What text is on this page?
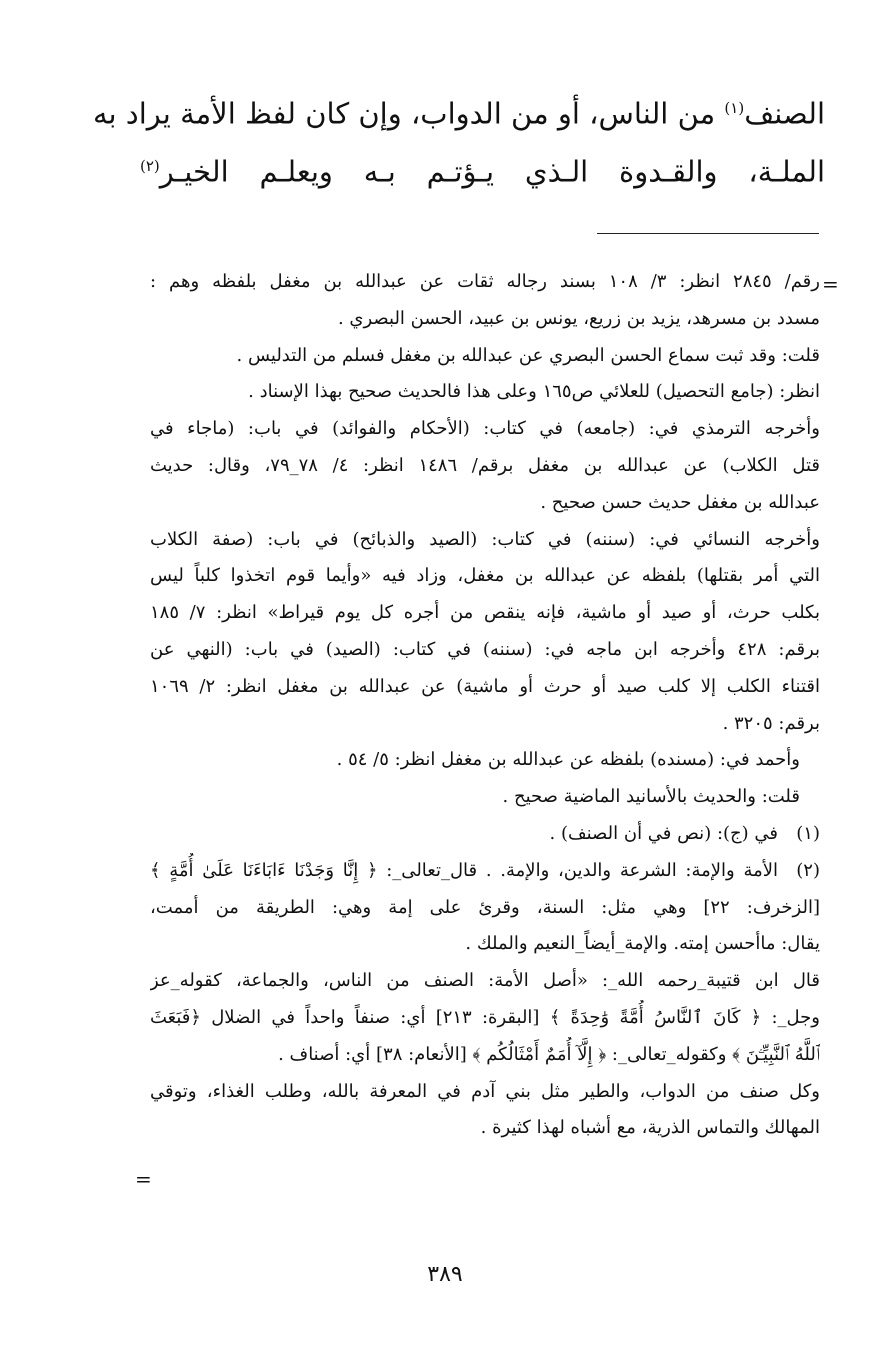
الصنف$^{(١)}$ من الناس، أو من الدواب، وإن كان لفظ الأمة يراد به
الملـة، والقـدوة الـذي يـؤتـم بـه ويعلـم الخيـر$^{(٢)}$
=
رقم/ ٢٨٤٥ انظر: ٣/ ١٠٨ بسند رجاله ثقات عن عبدالله بن مغفل بلفظه وهم :
مسدد بن مسرهد، يزيد بن زريع، يونس بن عبيد، الحسن البصري .
قلت: وقد ثبت سماع الحسن البصري عن عبدالله بن مغفل فسلم من التدليس .
انظر: (جامع التحصيل) للعلائي ص١٦٥ وعلى هذا فالحديث صحيح بهذا الإسناد .
وأخرجه الترمذي في: (جامعه) في كتاب: (الأحكام والفوائد) في باب: (ماجاء في
قتل الكلاب) عن عبدالله بن مغفل برقم/ ١٤٨٦ انظر: ٤/ ٧٨_٧٩، وقال: حديث
عبدالله بن مغفل حديث حسن صحيح .
وأخرجه النسائي في: (سننه) في كتاب: (الصيد والذبائح) في باب: (صفة الكلاب
التي أمر بقتلها) بلفظه عن عبدالله بن مغفل، وزاد فيه «وأيما قوم اتخذوا كلباً ليس
بكلب حرث، أو صيد أو ماشية، فإنه ينقص من أجره كل يوم قيراط» انظر: ٧/ ١٨٥
برقم: ٤٢٨ وأخرجه ابن ماجه في: (سننه) في كتاب: (الصيد) في باب: (النهي عن
اقتناء الكلب إلا كلب صيد أو حرث أو ماشية) عن عبدالله بن مغفل انظر: ٢/ ١٠٦٩
برقم: ٣٢٠٥ .
وأحمد في: (مسنده) بلفظه عن عبدالله بن مغفل انظر: ٥/ ٥٤ .
قلت: والحديث بالأسانيد الماضية صحيح .
(١)
في (ج): (نص في أن الصنف) .
(٢)
الأمة والإمة: الشرعة والدين، والإمة. . قال_تعالى_: ﴿ إِنَّا وَجَدْنَا ءَابَاءَنَا عَلَىٰ أُمَّةٍ ﴾
[الزخرف: ٢٢] وهي مثل: السنة، وقرئ على إمة وهي: الطريقة من أممت،
يقال: ماأحسن إمته. والإمة_أيضاً_النعيم والملك .
قال ابن قتيبة_رحمه الله_: «أصل الأمة: الصنف من الناس، والجماعة، كقوله_عز
وجل_: ﴿ كَانَ ٱلنَّاسُ أُمَّةً وَٰحِدَةً ﴾ [البقرة: ٢١٣] أي: صنفاً واحداً في الضلال ﴿فَبَعَثَ
ٱللَّهُ ٱلنَّبِيِّـۧنَ ﴾ وكقوله_تعالى_: ﴿ إِلَّآ أُمَمٌ أَمْثَالُكُم ﴾ [الأنعام: ٣٨] أي: أصناف .
وكل صنف من الدواب، والطير مثل بني آدم في المعرفة بالله، وطلب الغذاء، وتوقي
المهالك والتماس الذرية، مع أشباه لهذا كثيرة .
=
٣٨٩
